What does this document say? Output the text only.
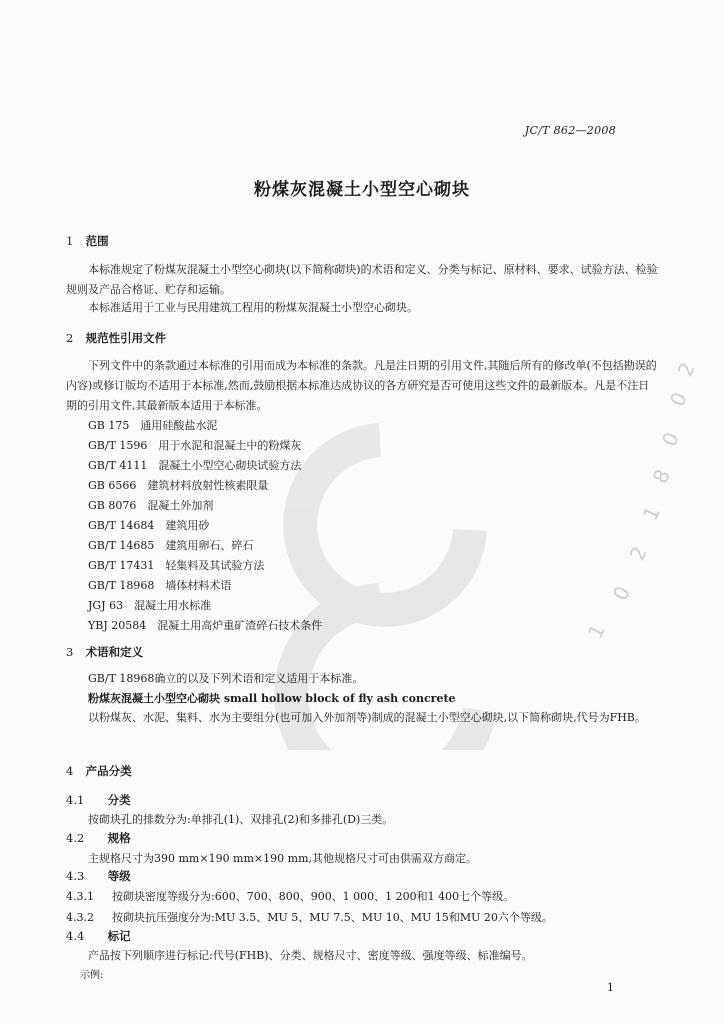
2
0
0
8
1
2
0
1
JC/T 862—2008
粉煤灰混凝土小型空心砌块
1 范围
本标准规定了粉煤灰混凝土小型空心砌块(以下简称砌块)的术语和定义、分类与标记、原材料、要求、试验方法、检验规则及产品合格证、贮存和运输。
本标准适用于工业与民用建筑工程用的粉煤灰混凝土小型空心砌块。
2 规范性引用文件
下列文件中的条款通过本标准的引用而成为本标准的条款。凡是注日期的引用文件,其随后所有的修改单(不包括勘误的内容)或修订版均不适用于本标准,然而,鼓励根据本标准达成协议的各方研究是否可使用这些文件的最新版本。凡是不注日期的引用文件,其最新版本适用于本标准。
GB 175　通用硅酸盐水泥
GB/T 1596　用于水泥和混凝土中的粉煤灰
GB/T 4111　混凝土小型空心砌块试验方法
GB 6566　建筑材料放射性核素限量
GB 8076　混凝土外加剂
GB/T 14684　建筑用砂
GB/T 14685　建筑用卵石、碎石
GB/T 17431　轻集料及其试验方法
GB/T 18968　墙体材料术语
JGJ 63　混凝土用水标准
YBJ 20584　混凝土用高炉重矿渣碎石技术条件
3 术语和定义
GB/T 18968确立的以及下列术语和定义适用于本标准。
粉煤灰混凝土小型空心砌块 small hollow block of fly ash concrete
以粉煤灰、水泥、集料、水为主要组分(也可加入外加剂等)制成的混凝土小型空心砌块,以下简称砌块,代号为FHB。
4 产品分类
4.1 分类
按砌块孔的排数分为:单排孔(1)、双排孔(2)和多排孔(D)三类。
4.2 规格
主规格尺寸为390 mm×190 mm×190 mm,其他规格尺寸可由供需双方商定。
4.3 等级
4.3.1 按砌块密度等级分为:600、700、800、900、1 000、1 200和1 400七个等级。
4.3.2 按砌块抗压强度分为:MU 3.5、MU 5、MU 7.5、MU 10、MU 15和MU 20六个等级。
4.4 标记
产品按下列顺序进行标记:代号(FHB)、分类、规格尺寸、密度等级、强度等级、标准编号。
示例:
1
